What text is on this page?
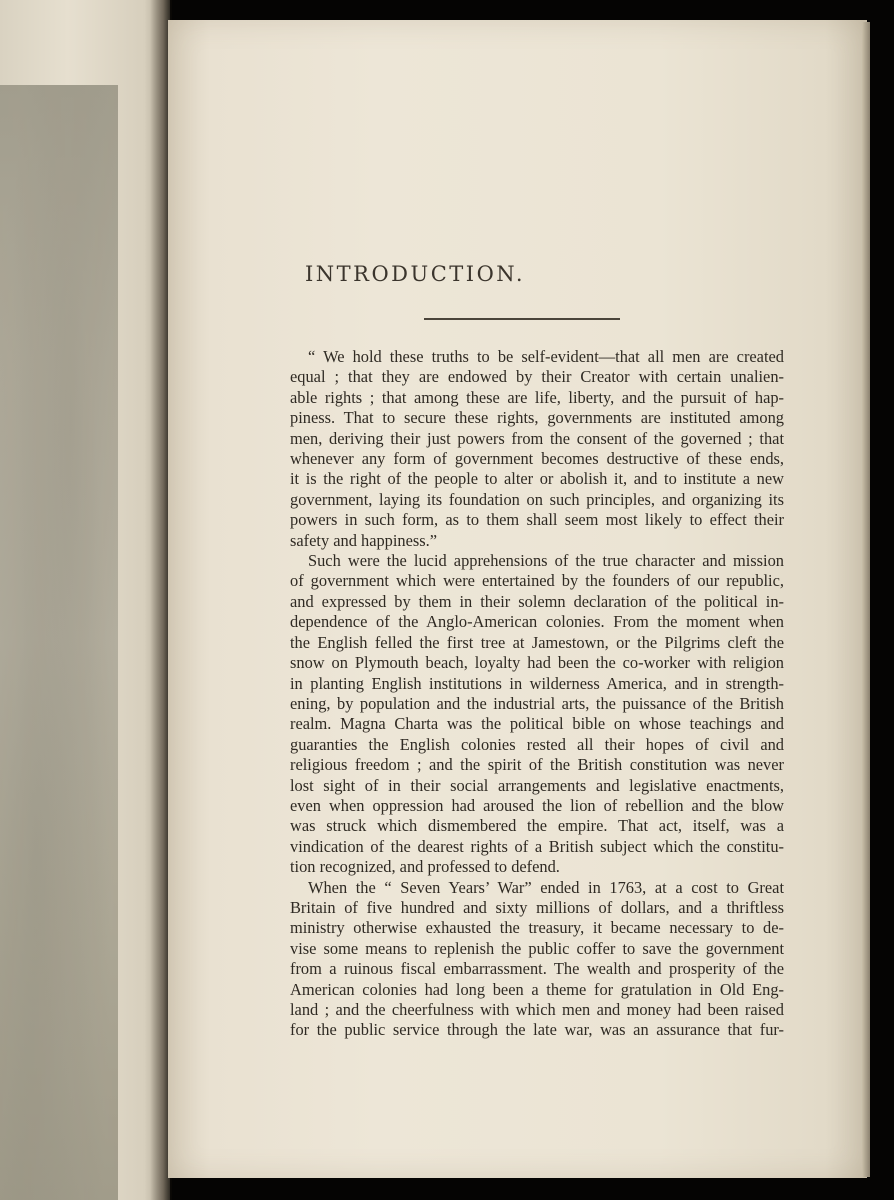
INTRODUCTION.
“ We hold these truths to be self-evident—that all men are created
equal ; that they are endowed by their Creator with certain unalien-
able rights ; that among these are life, liberty, and the pursuit of hap-
piness. That to secure these rights, governments are instituted among
men, deriving their just powers from the consent of the governed ; that
whenever any form of government becomes destructive of these ends,
it is the right of the people to alter or abolish it, and to institute a new
government, laying its foundation on such principles, and organizing its
powers in such form, as to them shall seem most likely to effect their
safety and happiness.”
Such were the lucid apprehensions of the true character and mission
of government which were entertained by the founders of our republic,
and expressed by them in their solemn declaration of the political in-
dependence of the Anglo-American colonies. From the moment when
the English felled the first tree at Jamestown, or the Pilgrims cleft the
snow on Plymouth beach, loyalty had been the co-worker with religion
in planting English institutions in wilderness America, and in strength-
ening, by population and the industrial arts, the puissance of the British
realm. Magna Charta was the political bible on whose teachings and
guaranties the English colonies rested all their hopes of civil and
religious freedom ; and the spirit of the British constitution was never
lost sight of in their social arrangements and legislative enactments,
even when oppression had aroused the lion of rebellion and the blow
was struck which dismembered the empire. That act, itself, was a
vindication of the dearest rights of a British subject which the constitu-
tion recognized, and professed to defend.
When the “ Seven Years’ War” ended in 1763, at a cost to Great
Britain of five hundred and sixty millions of dollars, and a thriftless
ministry otherwise exhausted the treasury, it became necessary to de-
vise some means to replenish the public coffer to save the government
from a ruinous fiscal embarrassment. The wealth and prosperity of the
American colonies had long been a theme for gratulation in Old Eng-
land ; and the cheerfulness with which men and money had been raised
for the public service through the late war, was an assurance that fur-
